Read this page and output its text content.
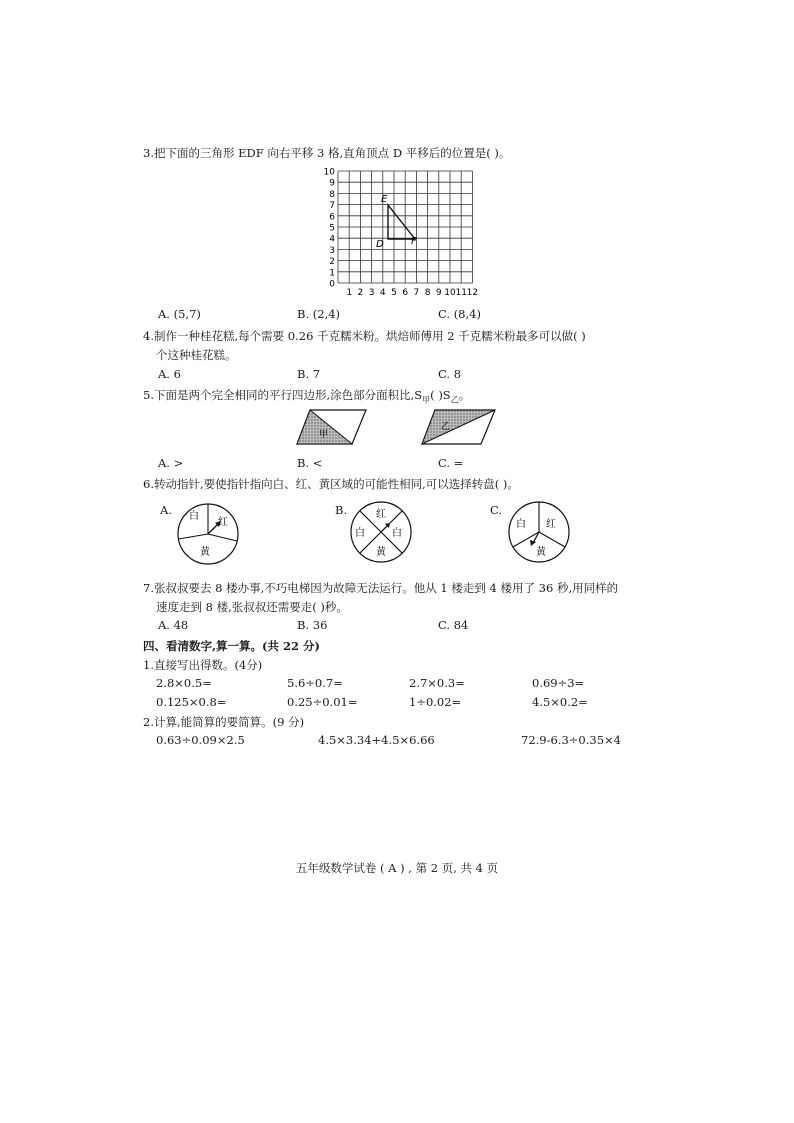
3.把下面的三角形 EDF 向右平移 3 格,直角顶点 D 平移后的位置是( )。
10
9
8
7
6
5
4
3
2
1
0
1 2 3 4 5 6 7 8 9 10 11 12
E
D	F
A. (5,7)	B. (2,4)	C. (8,4)
4.制作一种桂花糕,每个需要 0.26 千克糯米粉。烘焙师傅用 2 千克糯米粉最多可以做( )
个这种桂花糕。
A. 6	B. 7	C. 8
5.下面是两个完全相同的平行四边形,涂色部分面积比$,S_甲$( )$S_乙$。
甲
乙
A. >	B. <	C. =
6.转动指针,要使指针指向白、红、黄区域的可能性相同,可以选择转盘( )。
A. 白
红
黄
B.	红
白	白
黄
C.
白 红
黄
7.张叔叔要去 8 楼办事,不巧电梯因为故障无法运行。他从 1 楼走到 4 楼用了 36 秒,用同样的
速度走到 8 楼,张叔叔还需要走( )秒。
A. 48	B. 36	C. 84
四、看清数字,算一算。(共 22 分)
1.直接写出得数。(4分)
2.8×0.5=	5.6÷0.7=	2.7×0.3=	0.69÷3=
0.125×0.8=	0.25÷0.01=	1÷0.02=	4.5×0.2=
2.计算,能简算的要简算。(9 分)
0.63÷0.09×2.5	4.5×3.34+4.5×6.66	72.9-6.3÷0.35×4
五年级数学试卷 ( A ) , 第 2 页, 共 4 页
